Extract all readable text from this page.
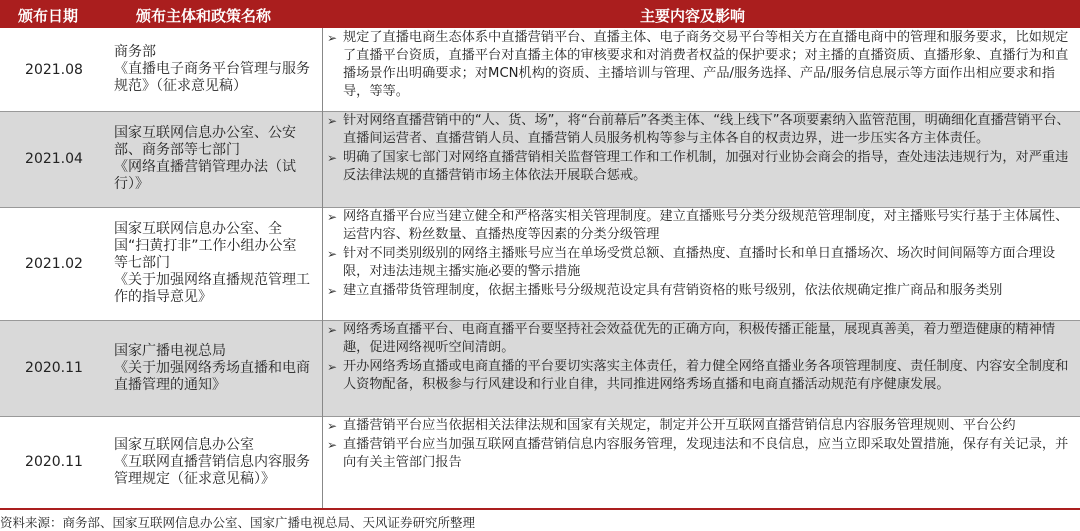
颁布日期	颁布主体和政策名称	主要内容及影响
2021.08
商务部
《直播电子商务平台管理与服务规范》（征求意见稿）
➢ 规定了直播电商生态体系中直播营销平台、直播主体、电子商务交易平台等相关方在直播电商中的管理和服务要求，比如规定了直播平台资质，直播平台对直播主体的审核要求和对消费者权益的保护要求；对主播的直播资质、直播形象、直播行为和直播场景作出明确要求；对MCN机构的资质、主播培训与管理、产品/服务选择、产品/服务信息展示等方面作出相应要求和指导，等等。
2021.04
国家互联网信息办公室、公安部、商务部等七部门
《网络直播营销管理办法（试行）》
➢ 针对网络直播营销中的“人、货、场”，将“台前幕后”各类主体、“线上线下”各项要素纳入监管范围，明确细化直播营销平台、直播间运营者、直播营销人员、直播营销人员服务机构等参与主体各自的权责边界，进一步压实各方主体责任。
➢ 明确了国家七部门对网络直播营销相关监督管理工作和工作机制，加强对行业协会商会的指导，查处违法违规行为，对严重违反法律法规的直播营销市场主体依法开展联合惩戒。
2021.02
国家互联网信息办公室、全国“扫黄打非”工作小组办公室等七部门
《关于加强网络直播规范管理工作的指导意见》
➢ 网络直播平台应当建立健全和严格落实相关管理制度。建立直播账号分类分级规范管理制度，对主播账号实行基于主体属性、运营内容、粉丝数量、直播热度等因素的分类分级管理
➢ 针对不同类别级别的网络主播账号应当在单场受赏总额、直播热度、直播时长和单日直播场次、场次时间间隔等方面合理设限，对违法违规主播实施必要的警示措施
➢ 建立直播带货管理制度，依据主播账号分级规范设定具有营销资格的账号级别，依法依规确定推广商品和服务类别
2020.11
国家广播电视总局
《关于加强网络秀场直播和电商直播管理的通知》
➢ 网络秀场直播平台、电商直播平台要坚持社会效益优先的正确方向，积极传播正能量，展现真善美，着力塑造健康的精神情趣，促进网络视听空间清朗。
➢ 开办网络秀场直播或电商直播的平台要切实落实主体责任，着力健全网络直播业务各项管理制度、责任制度、内容安全制度和人资物配备，积极参与行风建设和行业自律，共同推进网络秀场直播和电商直播活动规范有序健康发展。
2020.11
国家互联网信息办公室
《互联网直播营销信息内容服务管理规定（征求意见稿）》
➢ 直播营销平台应当依据相关法律法规和国家有关规定，制定并公开互联网直播营销信息内容服务管理规则、平台公约
➢ 直播营销平台应当加强互联网直播营销信息内容服务管理，发现违法和不良信息，应当立即采取处置措施，保存有关记录，并向有关主管部门报告
资料来源：商务部、国家互联网信息办公室、国家广播电视总局、天风证券研究所整理
